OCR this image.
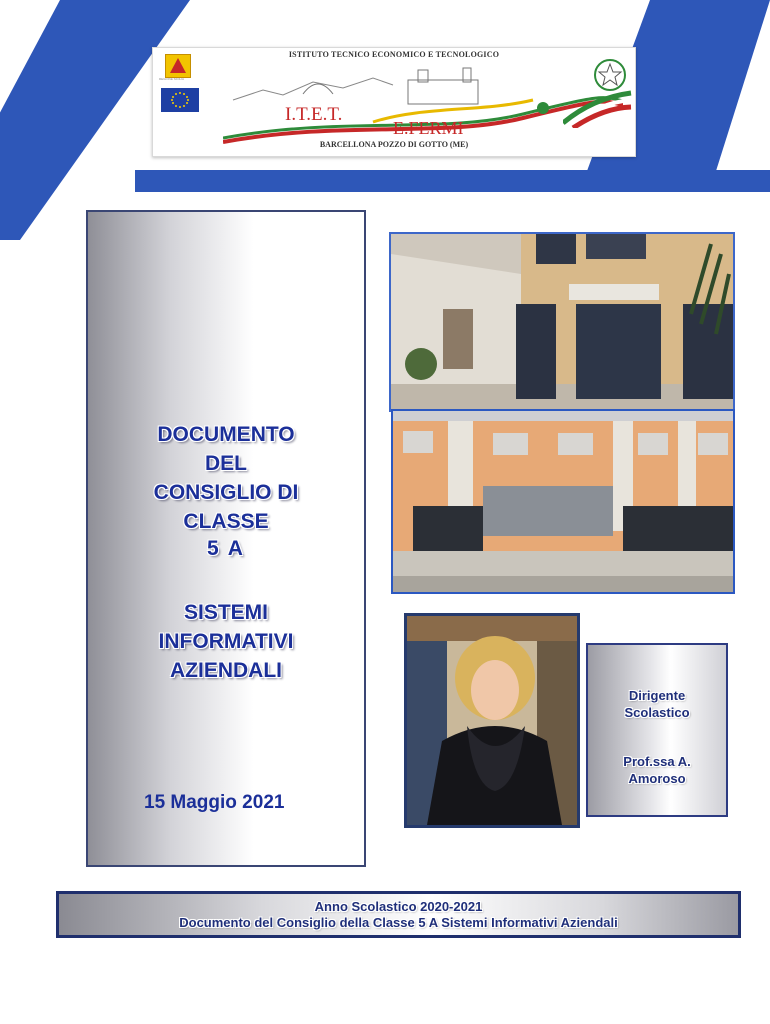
ISTITUTO TECNICO ECONOMICO E TECNOLOGICO
REGIONE SICILIA
I.T.E.T.
E.FERMI
BARCELLONA POZZO DI GOTTO (ME)
DOCUMENTO
DEL
CONSIGLIO DI
CLASSE
5 A
SISTEMI
INFORMATIVI
AZIENDALI
15 Maggio 2021
Dirigente
Scolastico
Prof.ssa A.
Amoroso
Anno Scolastico 2020-2021
Documento del Consiglio della Classe 5 A Sistemi Informativi Aziendali
